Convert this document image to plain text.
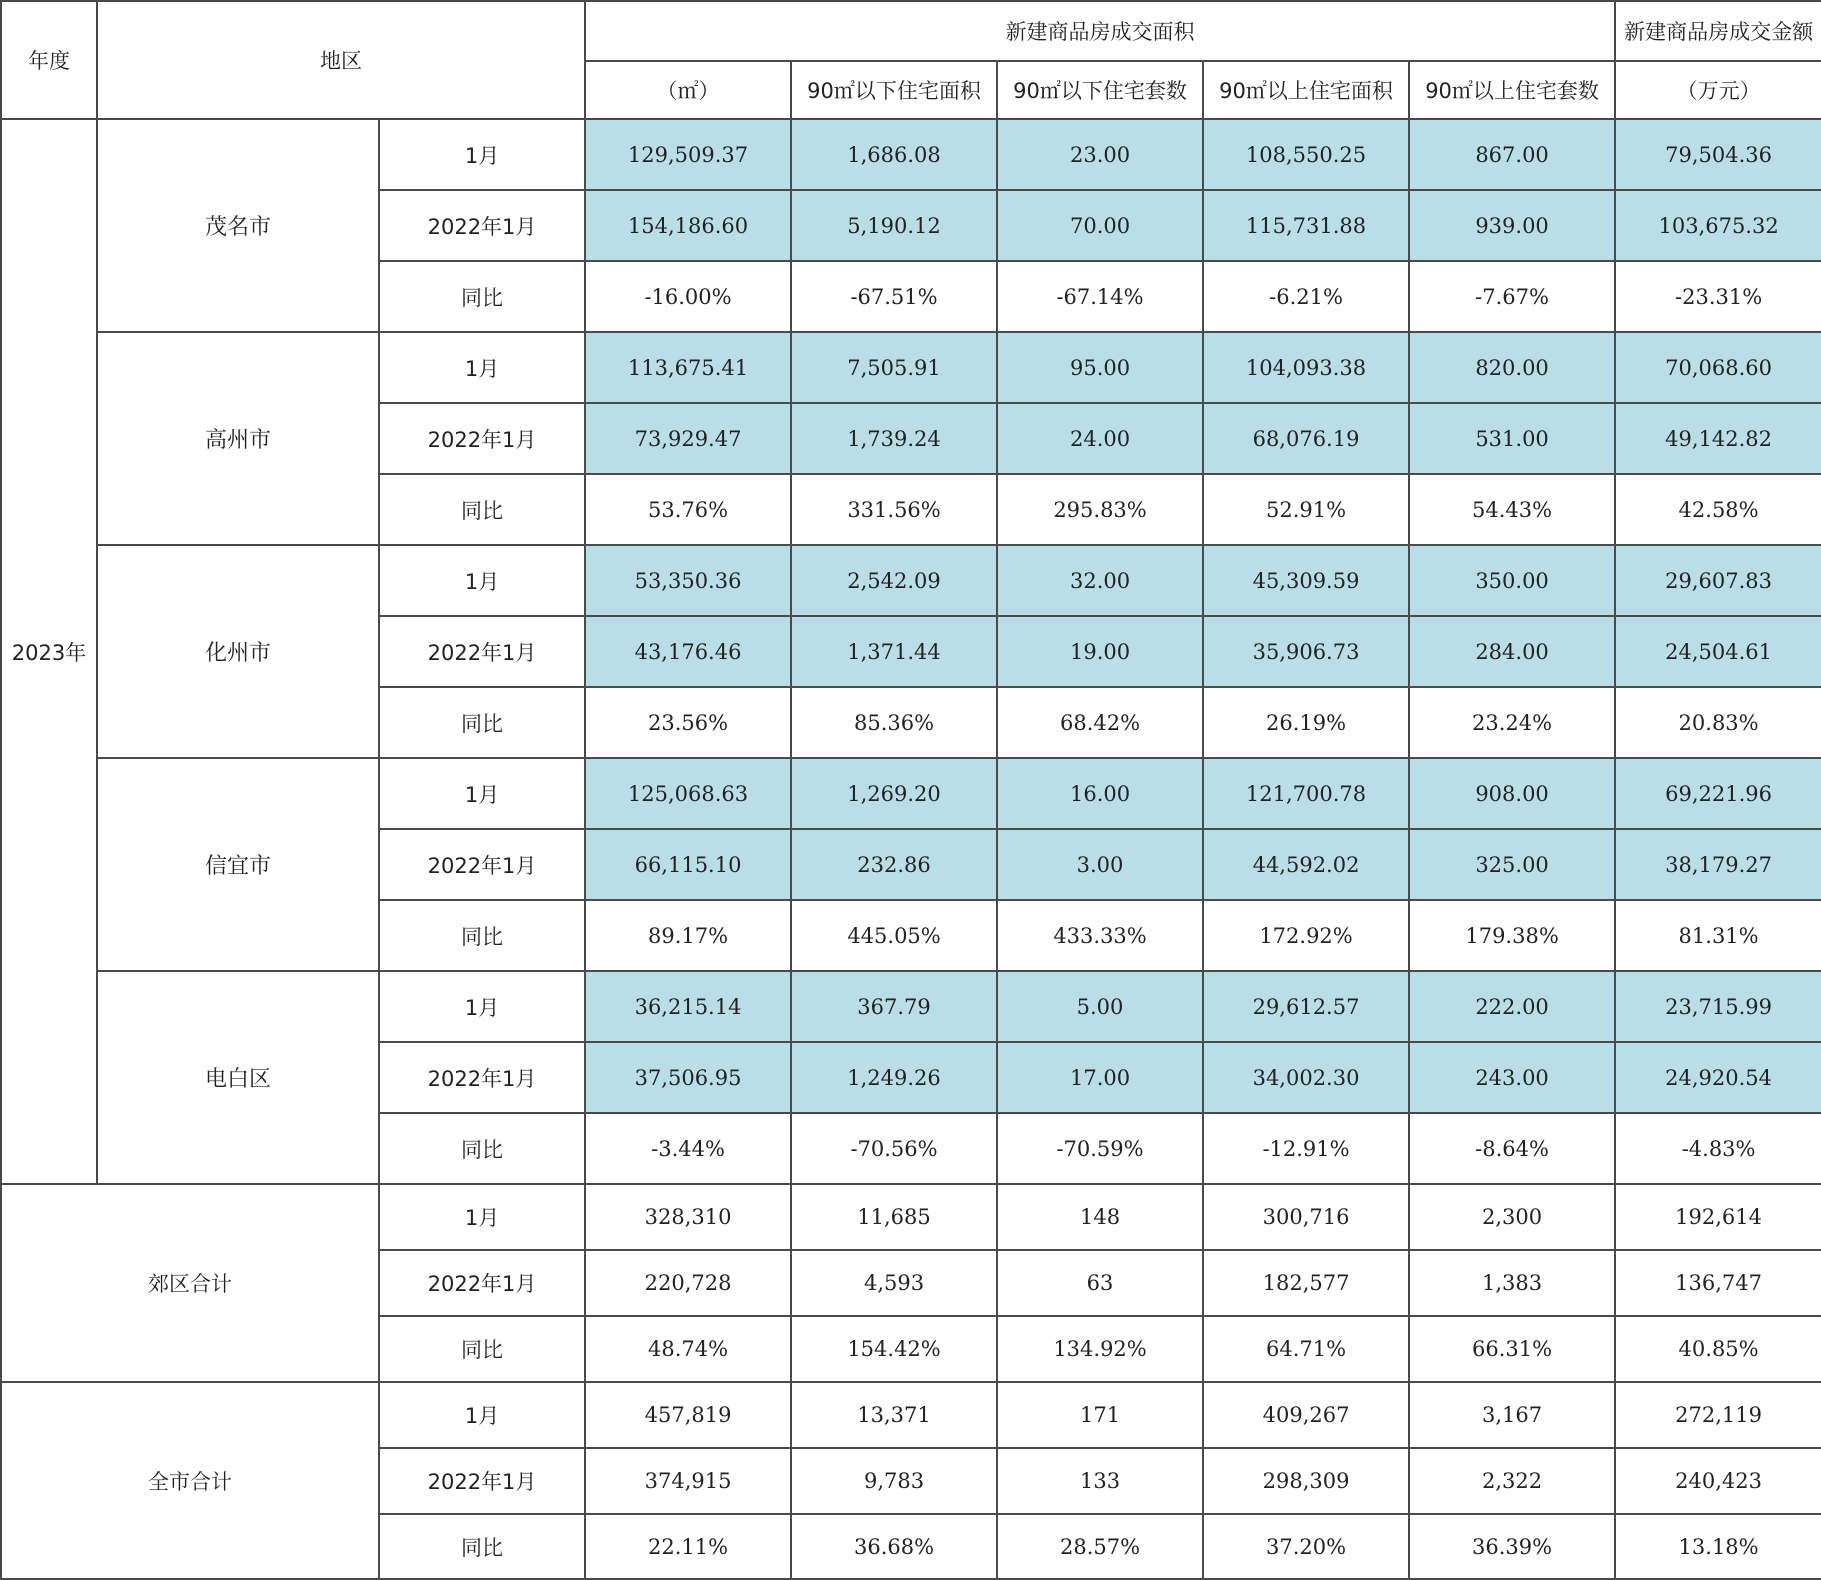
年度	地区		新建商品房成交面积					新建商品房成交金额	
			（㎡）	90㎡以下住宅面积	90㎡以下住宅套数	90㎡以上住宅面积	90㎡以上住宅套数	（万元）	
2023年	茂名市	1月	129,509.37	1,686.08	23.00	108,550.25	867.00	79,504.36	
		2022年1月	154,186.60	5,190.12	70.00	115,731.88	939.00	103,675.32	
		同比	-16.00%	-67.51%	-67.14%	-6.21%	-7.67%	-23.31%	
	高州市	1月	113,675.41	7,505.91	95.00	104,093.38	820.00	70,068.60	
		2022年1月	73,929.47	1,739.24	24.00	68,076.19	531.00	49,142.82	
		同比	53.76%	331.56%	295.83%	52.91%	54.43%	42.58%	
	化州市	1月	53,350.36	2,542.09	32.00	45,309.59	350.00	29,607.83	
		2022年1月	43,176.46	1,371.44	19.00	35,906.73	284.00	24,504.61	
		同比	23.56%	85.36%	68.42%	26.19%	23.24%	20.83%	
	信宜市	1月	125,068.63	1,269.20	16.00	121,700.78	908.00	69,221.96	
		2022年1月	66,115.10	232.86	3.00	44,592.02	325.00	38,179.27	
		同比	89.17%	445.05%	433.33%	172.92%	179.38%	81.31%	
	电白区	1月	36,215.14	367.79	5.00	29,612.57	222.00	23,715.99	
		2022年1月	37,506.95	1,249.26	17.00	34,002.30	243.00	24,920.54	
		同比	-3.44%	-70.56%	-70.59%	-12.91%	-8.64%	-4.83%	
郊区合计		1月	328,310	11,685	148	300,716	2,300	192,614	
		2022年1月	220,728	4,593	63	182,577	1,383	136,747	
		同比	48.74%	154.42%	134.92%	64.71%	66.31%	40.85%	
全市合计		1月	457,819	13,371	171	409,267	3,167	272,119	
		2022年1月	374,915	9,783	133	298,309	2,322	240,423	
		同比	22.11%	36.68%	28.57%	37.20%	36.39%	13.18%	
